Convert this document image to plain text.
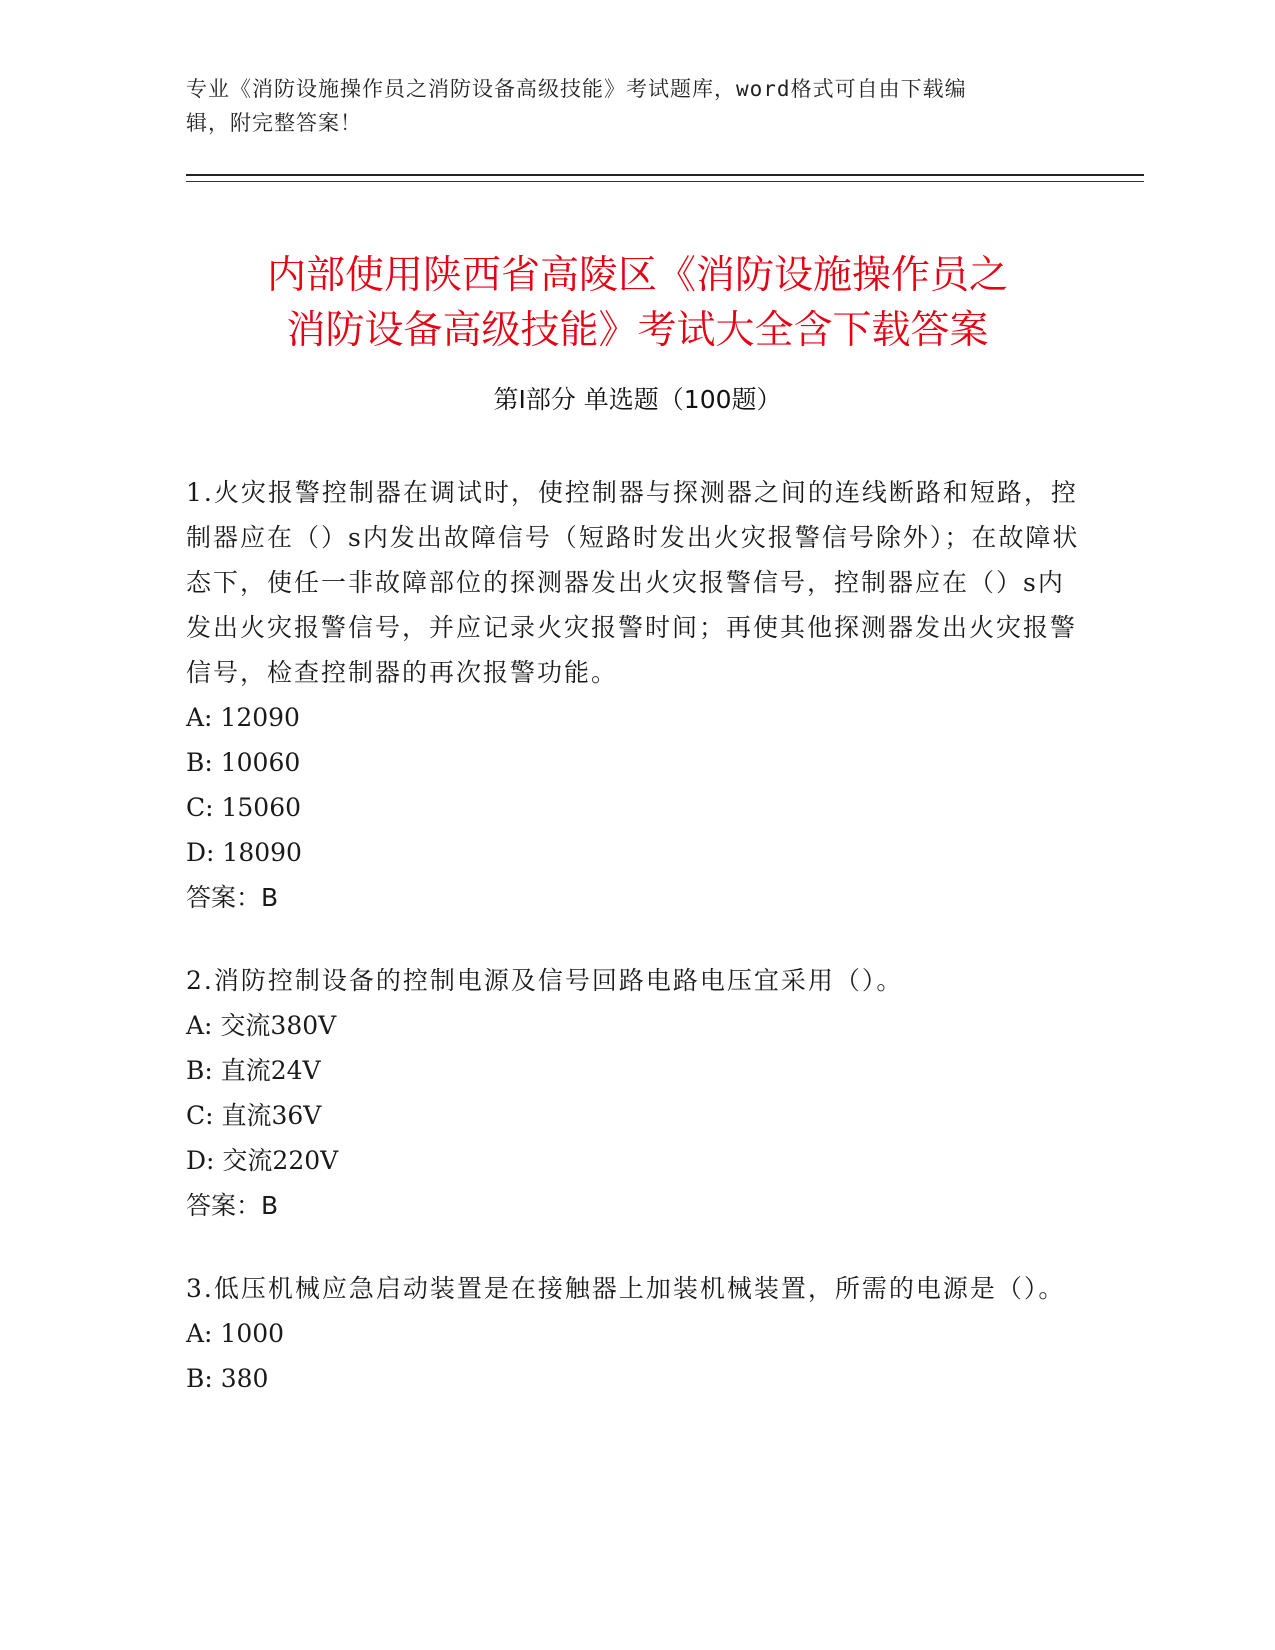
专业《消防设施操作员之消防设备高级技能》考试题库，word格式可自由下载编
辑，附完整答案！
内部使用陕西省高陵区《消防设施操作员之
消防设备高级技能》考试大全含下载答案
第Ⅰ部分 单选题（100题）

1.火灾报警控制器在调试时，使控制器与探测器之间的连线断路和短路，控制器应在（）s内发出故障信号（短路时发出火灾报警信号除外）；在故障状态下，使任一非故障部位的探测器发出火灾报警信号，控制器应在（）s内发出火灾报警信号，并应记录火灾报警时间；再使其他探测器发出火灾报警信号，检查控制器的再次报警功能。

A: 12090

B: 10060

C: 15060

D: 18090

答案：B

2.消防控制设备的控制电源及信号回路电路电压宜采用（）。

A: 交流380V

B: 直流24V

C: 直流36V

D: 交流220V

答案：B

3.低压机械应急启动装置是在接触器上加装机械装置，所需的电源是（）。

A: 1000

B: 380
